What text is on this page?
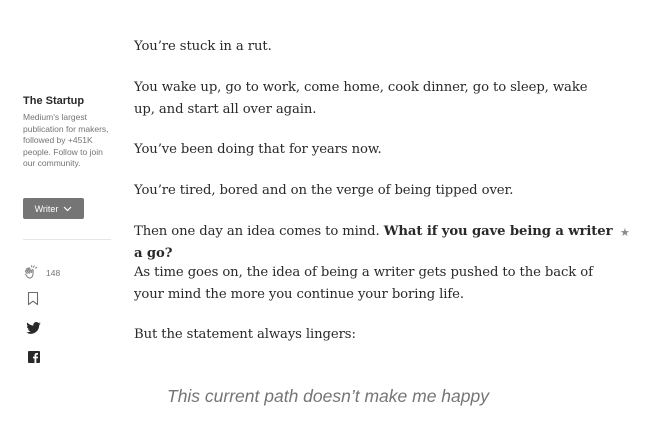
The Startup

Medium's largest publication for makers, followed by +451K people. Follow to join our community.

Writer
148

You’re stuck in a rut.

You wake up, go to work, come home, cook dinner, go to sleep, wake up, and start all over again.

You’ve been doing that for years now.

You’re tired, bored and on the verge of being tipped over.

Then one day an idea comes to mind. What if you gave being a writer a go?

As time goes on, the idea of being a writer gets pushed to the back of your mind the more you continue your boring life.

But the statement always lingers:

★

This current path doesn’t make me happy
